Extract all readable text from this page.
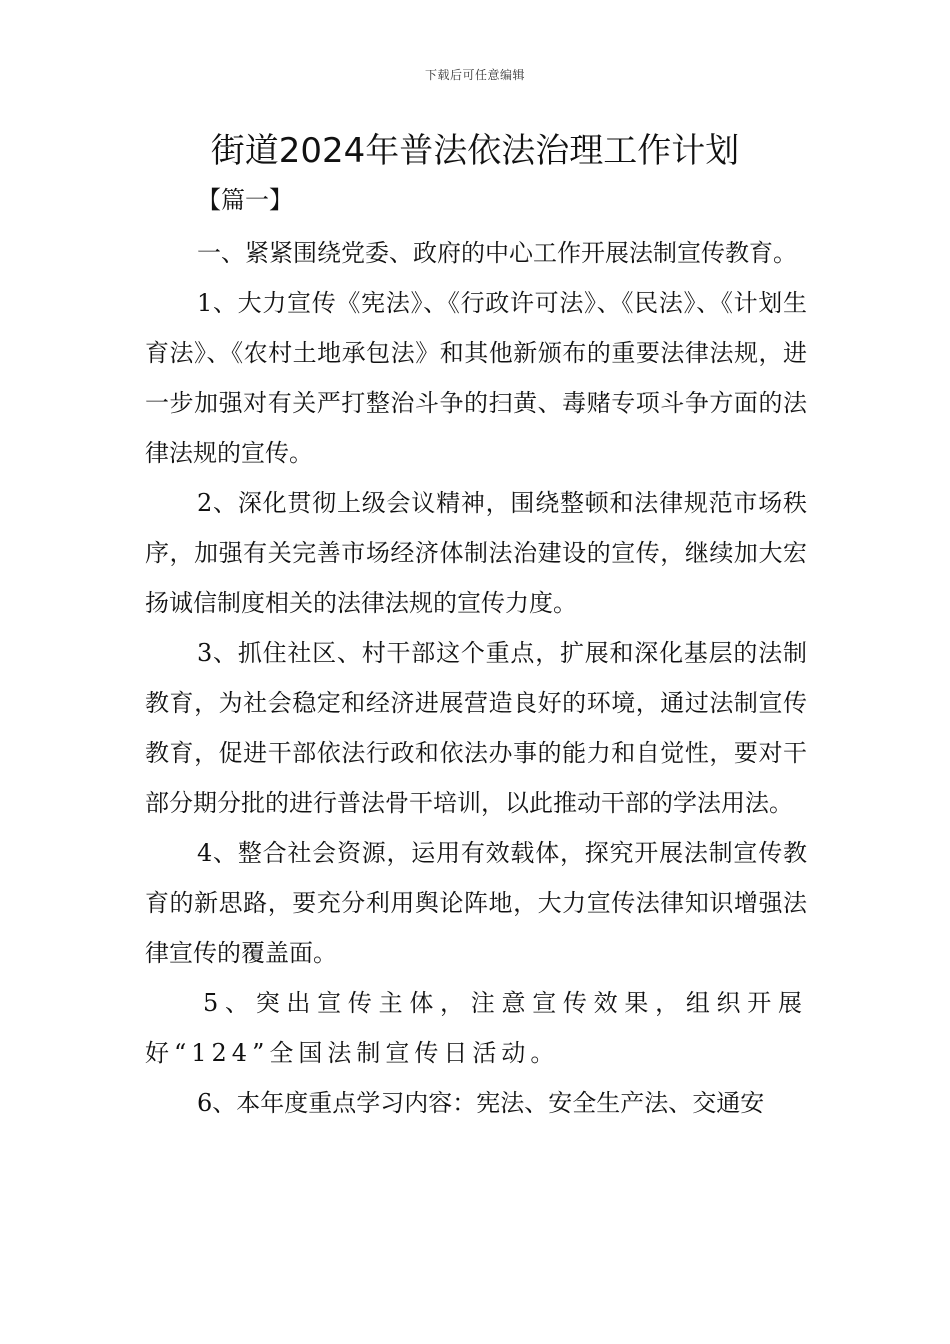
下载后可任意编辑
街道2024年普法依法治理工作计划
【篇一】

一、紧紧围绕党委、政府的中心工作开展法制宣传教育。

1、大力宣传《宪法》、《行政许可法》、《民法》、《计划生育法》、《农村土地承包法》和其他新颁布的重要法律法规，进一步加强对有关严打整治斗争的扫黄、毒赌专项斗争方面的法律法规的宣传。

2、深化贯彻上级会议精神，围绕整顿和法律规范市场秩序，加强有关完善市场经济体制法治建设的宣传，继续加大宏扬诚信制度相关的法律法规的宣传力度。

3、抓住社区、村干部这个重点，扩展和深化基层的法制教育，为社会稳定和经济进展营造良好的环境，通过法制宣传教育，促进干部依法行政和依法办事的能力和自觉性，要对干部分期分批的进行普法骨干培训，以此推动干部的学法用法。

4、整合社会资源，运用有效载体，探究开展法制宣传教育的新思路，要充分利用舆论阵地，大力宣传法律知识增强法律宣传的覆盖面。

5、突出宣传主体，注意宣传效果，组织开展好“124”全国法制宣传日活动。

6、本年度重点学习内容：宪法、安全生产法、交通安
